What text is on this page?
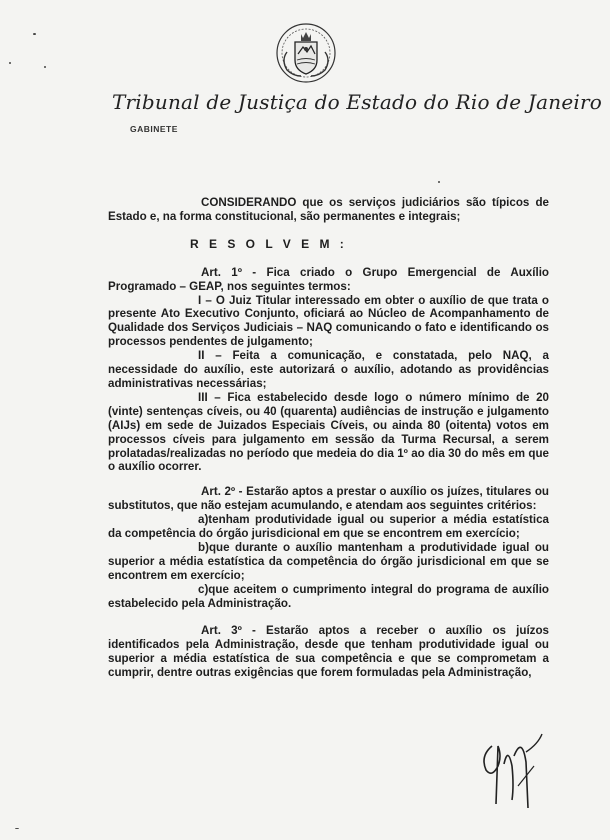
Tribunal de Justiça do Estado do Rio de Janeiro
GABINETE

CONSIDERANDO que os serviços judiciários são típicos de Estado e, na forma constitucional, são permanentes e integrais;

R E S O L V E M :

Art. 1º - Fica criado o Grupo Emergencial de Auxílio Programado – GEAP, nos seguintes termos:

I – O Juiz Titular interessado em obter o auxílio de que trata o presente Ato Executivo Conjunto, oficiará ao Núcleo de Acompanhamento de Qualidade dos Serviços Judiciais – NAQ comunicando o fato e identificando os processos pendentes de julgamento;

II – Feita a comunicação, e constatada, pelo NAQ, a necessidade do auxílio, este autorizará o auxílio, adotando as providências administrativas necessárias;

III – Fica estabelecido desde logo o número mínimo de 20 (vinte) sentenças cíveis, ou 40 (quarenta) audiências de instrução e julgamento (AIJs) em sede de Juizados Especiais Cíveis, ou ainda 80 (oitenta) votos em processos cíveis para julgamento em sessão da Turma Recursal, a serem prolatadas/realizadas no período que medeia do dia 1º ao dia 30 do mês em que o auxílio ocorrer.

Art. 2º - Estarão aptos a prestar o auxílio os juízes, titulares ou substitutos, que não estejam acumulando, e atendam aos seguintes critérios:

a)tenham produtividade igual ou superior a média estatística da competência do órgão jurisdicional em que se encontrem em exercício;

b)que durante o auxílio mantenham a produtividade igual ou superior a média estatística da competência do órgão jurisdicional em que se encontrem em exercício;

c)que aceitem o cumprimento integral do programa de auxílio estabelecido pela Administração.

Art. 3º - Estarão aptos a receber o auxílio os juízos identificados pela Administração, desde que tenham produtividade igual ou superior a média estatística de sua competência e que se comprometam a cumprir, dentre outras exigências que forem formuladas pela Administração,
